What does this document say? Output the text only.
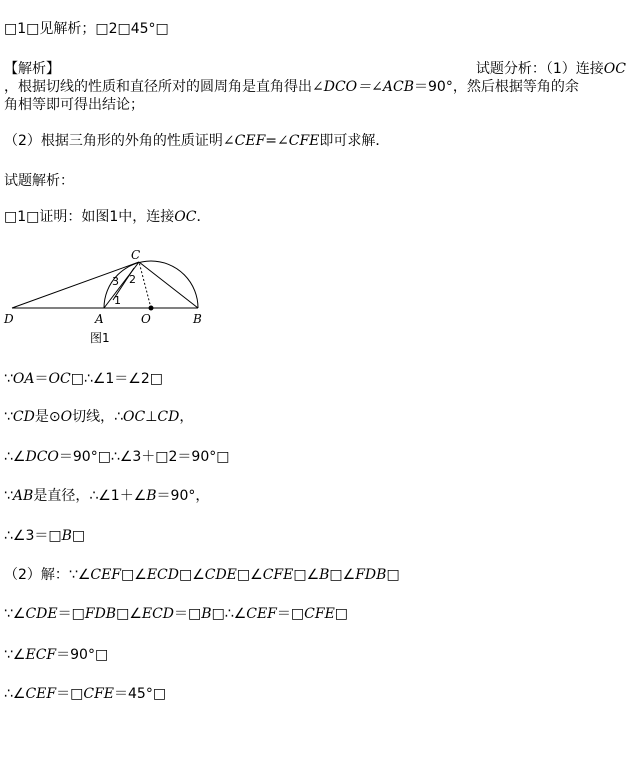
□1□见解析；□2□45°□
【解析】	试题分析：（1）连接OC
，根据切线的性质和直径所对的圆周角是直角得出∠DCO＝∠ACB＝90°，然后根据等角的余
角相等即可得出结论；
（2）根据三角形的外角的性质证明∠CEF=∠CFE即可求解．
试题解析：
□1□证明：如图1中，连接OC．
C
D	A	O	B
1
2
3
图1
∵OA＝OC□∴∠1＝∠2□
∵CD是⊙O切线，∴OC⊥CD，
∴∠DCO＝90°□∴∠3＋□2＝90°□
∵AB是直径，∴∠1＋∠B＝90°，
∴∠3＝□B□
（2）解：∵∠CEF□∠ECD□∠CDE□∠CFE□∠B□∠FDB□
∵∠CDE＝□FDB□∠ECD＝□B□∴∠CEF＝□CFE□
∵∠ECF＝90°□
∴∠CEF＝□CFE＝45°□
